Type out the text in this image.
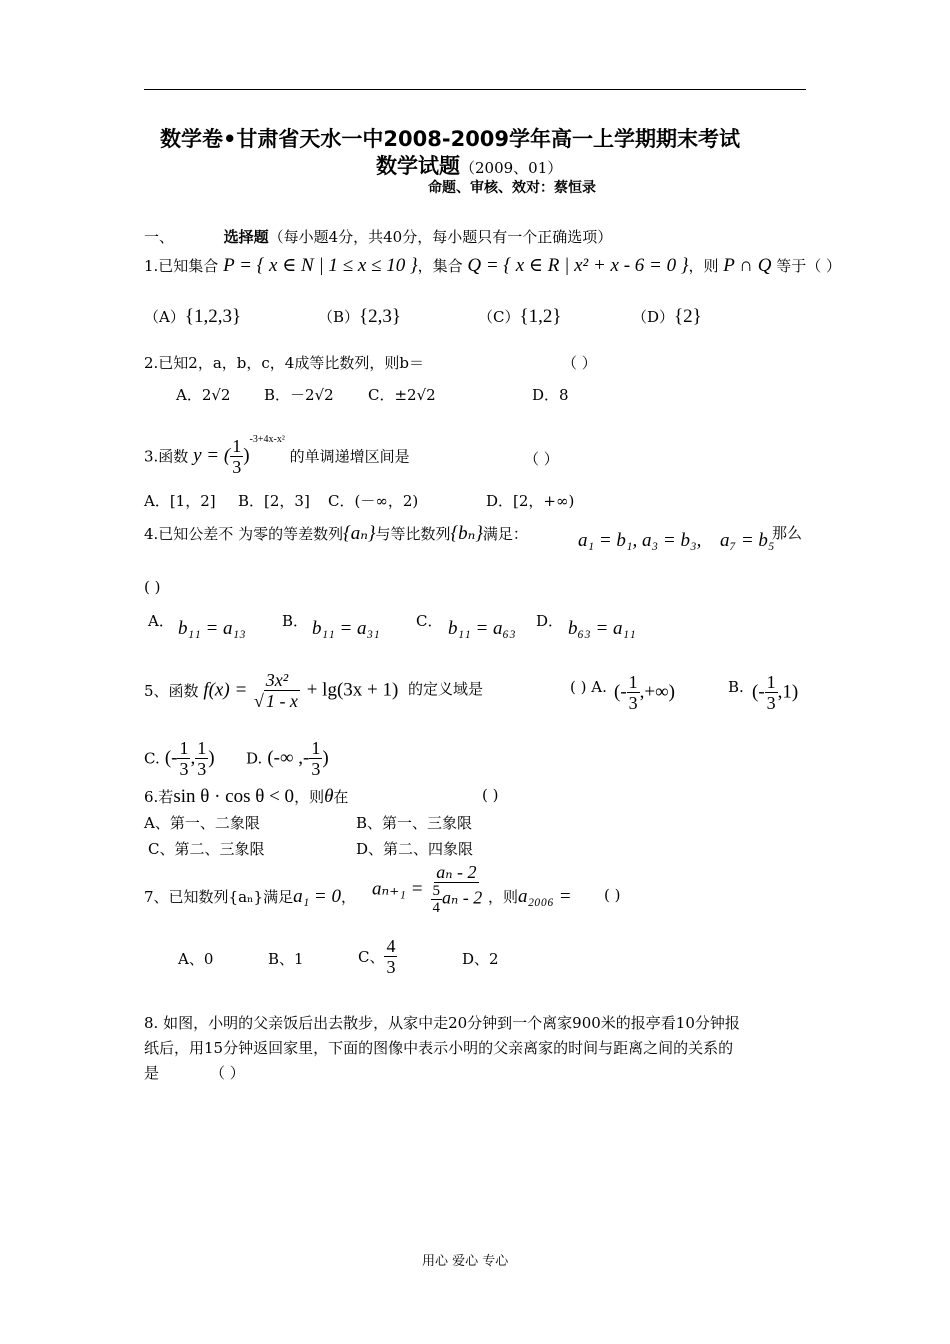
数学卷•甘肃省天水一中2008-2009学年高一上学期期末考试
数学试题（2009、01）
命题、审核、效对：蔡恒录
一、	选择题（每小题4分，共40分，每小题只有一个正确选项）
1.已知集合 P = { x ∈ N | 1 ≤ x ≤ 10 }，集合 Q = { x ∈ R | x² + x - 6 = 0 }，则 P ∩ Q 等于（ ）
（A）{1,2,3}	（B）{2,3}	（C）{1,2}	（D）{2}
2.已知2，a，b，c，4成等比数列，则b＝	（ ）
A．2√2 B．－2√2 C．±2√2	D．8
3.函数 y = ( $\frac{1}{3} )^{-3+4x-x^2}$ 的单调递增区间是	（ ）
A．[1，2] B．[2，3] C．(－∞，2)	D．[2，+∞)
4.已知公差不 为零的等差数列{aₙ}与等比数列{bₙ}满足：	a₁ = b₁, a₃ = b₃, a₇ = b₅
那么
( )
A． b₁₁ = a₁₃ B． b₁₁ = a₃₁ C． b₁₁ = a₆₃ D． b₆₃ = a₁₁
5、函数 $f(x) = \frac{\text{3x²}}{√ 1 - x} + \lg(3x + 1)$ 的定义域是	( ) A. (- $\frac{1}{3}$ ,+∞)	B. (- $\frac{1}{3} ,1$)
C. (- $\frac{1}{3}$ , $\frac{1}{3}$ ) D. (-∞ ,- $\frac{1}{3}$ )
6.若sin θ · cos θ < 0，则θ在	( )
A、第一、二象限	B、第一、三象限
C、第二、三象限	D、第二、四象限
7、已知数列{aₙ}满足a₁ = 0， $a_{n+1} = \frac{\text{aₙ - 2}}{\frac{5}{4} a_n - 2}$ ，则a₂₀₀₆ = ( )
A、0	B、1	C、 $\frac{4}{3}$	D、2
8. 如图，小明的父亲饭后出去散步，从家中走20分钟到一个离家900米的报亭看10分钟报
纸后，用15分钟返回家里，下面的图像中表示小明的父亲离家的时间与距离之间的关系的
是	（ ）
用心 爱心 专心
